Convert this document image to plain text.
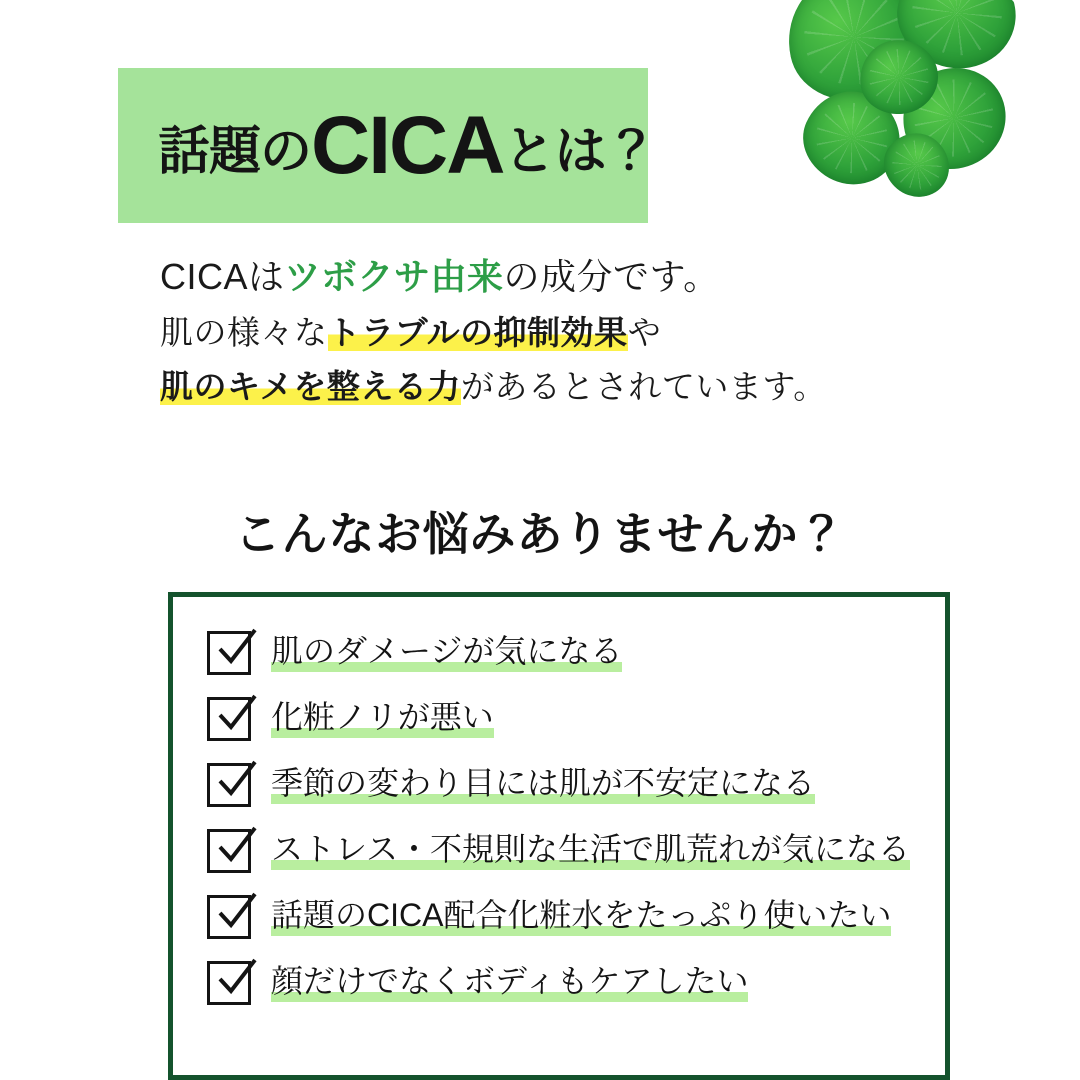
話題のCICAとは？
CICAはツボクサ由来の成分です。
肌の様々なトラブルの抑制効果や
肌のキメを整える力があるとされています。
こんなお悩みありませんか？
肌のダメージが気になる
化粧ノリが悪い
季節の変わり目には肌が不安定になる
ストレス・不規則な生活で肌荒れが気になる
話題のCICA配合化粧水をたっぷり使いたい
顔だけでなくボディもケアしたい
